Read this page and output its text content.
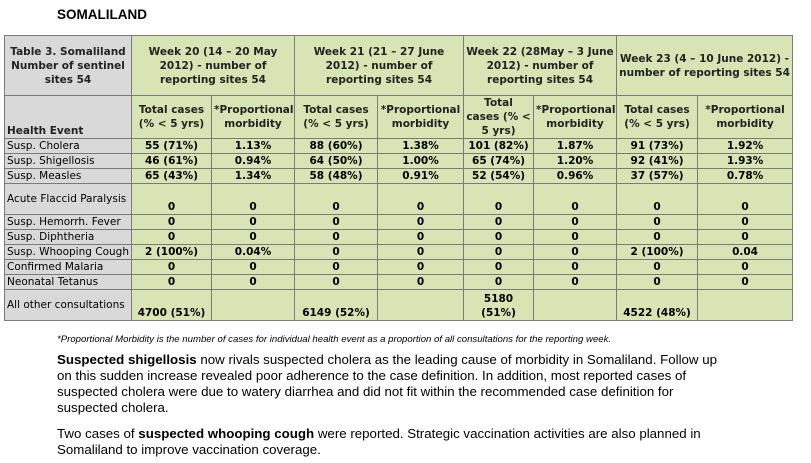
SOMALILAND
Table 3. Somaliland Number of sentinel sites 54	Week 20 (14 – 20 May 2012) - number of reporting sites 54		Week 21 (21 – 27 June 2012) - number of reporting sites 54		Week 22 (28May – 3 June 2012) - number of reporting sites 54		Week 23 (4 – 10 June 2012) - number of reporting sites 54	
Health Event	Total cases (% < 5 yrs)	*Proportional morbidity	Total cases (% < 5 yrs)	*Proportional morbidity	Total cases (% < 5 yrs)	*Proportional morbidity	Total cases (% < 5 yrs)	*Proportional morbidity
Susp. Cholera	55 (71%)	1.13%	88 (60%)	1.38%	101 (82%)	1.87%	91 (73%)	1.92%
Susp. Shigellosis	46 (61%)	0.94%	64 (50%)	1.00%	65 (74%)	1.20%	92 (41%)	1.93%
Susp. Measles	65 (43%)	1.34%	58 (48%)	0.91%	52 (54%)	0.96%	37 (57%)	0.78%
Acute Flaccid Paralysis	0	0	0	0	0	0	0	0
Susp. Hemorrh. Fever	0	0	0	0	0	0	0	0
Susp. Diphtheria	0	0	0	0	0	0	0	0
Susp. Whooping Cough	2 (100%)	0.04%	0	0	0	0	2 (100%)	0.04
Confirmed Malaria	0	0	0	0	0	0	0	0
Neonatal Tetanus	0	0	0	0	0	0	0	0
All other consultations	4700 (51%)		6149 (52%)		5180 (51%)		4522 (48%)	
*Proportional Morbidity is the number of cases for individual health event as a proportion of all consultations for the reporting week.

Suspected shigellosis now rivals suspected cholera as the leading cause of morbidity in Somaliland. Follow up on this sudden increase revealed poor adherence to the case definition. In addition, most reported cases of suspected cholera were due to watery diarrhea and did not fit within the recommended case definition for suspected cholera.

Two cases of suspected whooping cough were reported. Strategic vaccination activities are also planned in Somaliland to improve vaccination coverage.
